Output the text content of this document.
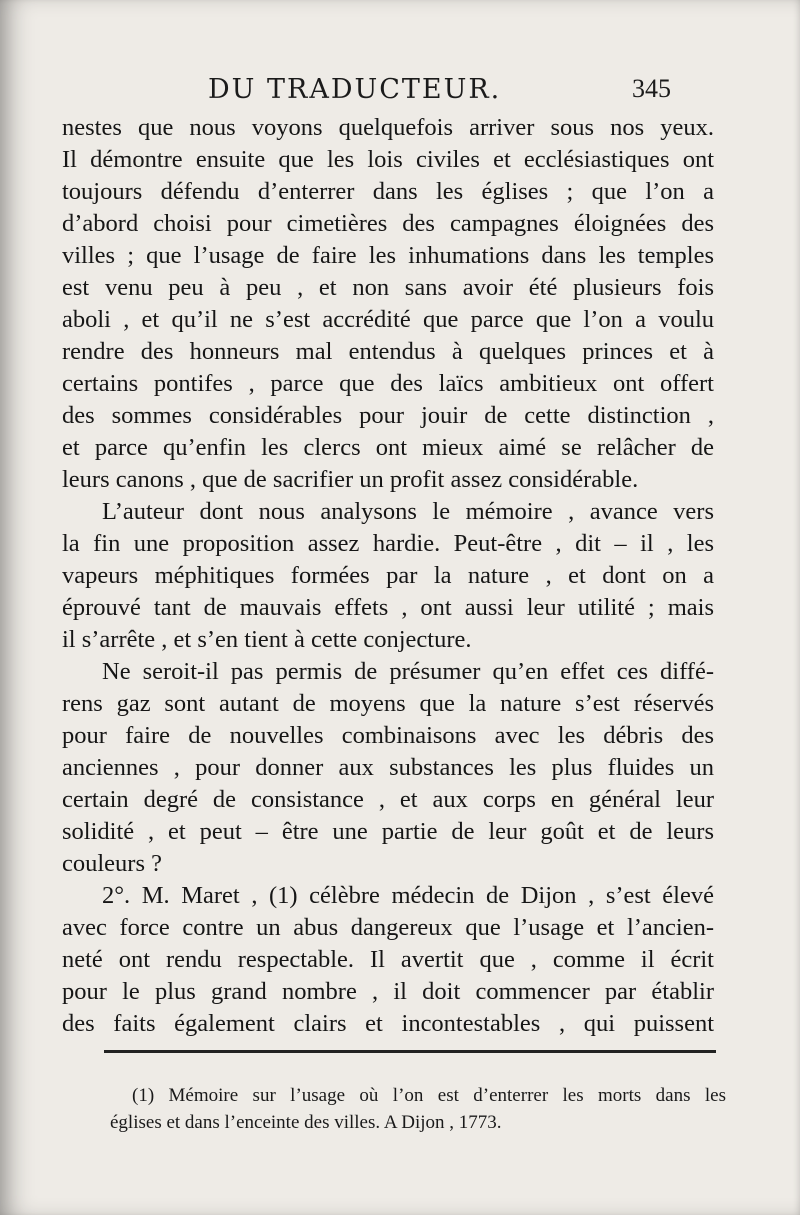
DU TRADUCTEUR.	345
nestes que nous voyons quelquefois arriver sous nos yeux.
Il démontre ensuite que les lois civiles et ecclésiastiques ont
toujours défendu d’enterrer dans les églises ; que l’on a
d’abord choisi pour cimetières des campagnes éloignées des
villes ; que l’usage de faire les inhumations dans les temples
est venu peu à peu , et non sans avoir été plusieurs fois
aboli , et qu’il ne s’est accrédité que parce que l’on a voulu
rendre des honneurs mal entendus à quelques princes et à
certains pontifes , parce que des laïcs ambitieux ont offert
des sommes considérables pour jouir de cette distinction ,
et parce qu’enfin les clercs ont mieux aimé se relâcher de
leurs canons , que de sacrifier un profit assez considérable.
L’auteur dont nous analysons le mémoire , avance vers
la fin une proposition assez hardie. Peut-être , dit – il , les
vapeurs méphitiques formées par la nature , et dont on a
éprouvé tant de mauvais effets , ont aussi leur utilité ; mais
il s’arrête , et s’en tient à cette conjecture.
Ne seroit-il pas permis de présumer qu’en effet ces diffé-
rens gaz sont autant de moyens que la nature s’est réservés
pour faire de nouvelles combinaisons avec les débris des
anciennes , pour donner aux substances les plus fluides un
certain degré de consistance , et aux corps en général leur
solidité , et peut – être une partie de leur goût et de leurs
couleurs ?
2°. M. Maret , (1) célèbre médecin de Dijon , s’est élevé
avec force contre un abus dangereux que l’usage et l’ancien-
neté ont rendu respectable. Il avertit que , comme il écrit
pour le plus grand nombre , il doit commencer par établir
des faits également clairs et incontestables , qui puissent
(1) Mémoire sur l’usage où l’on est d’enterrer les morts dans les
églises et dans l’enceinte des villes. A Dijon , 1773.
